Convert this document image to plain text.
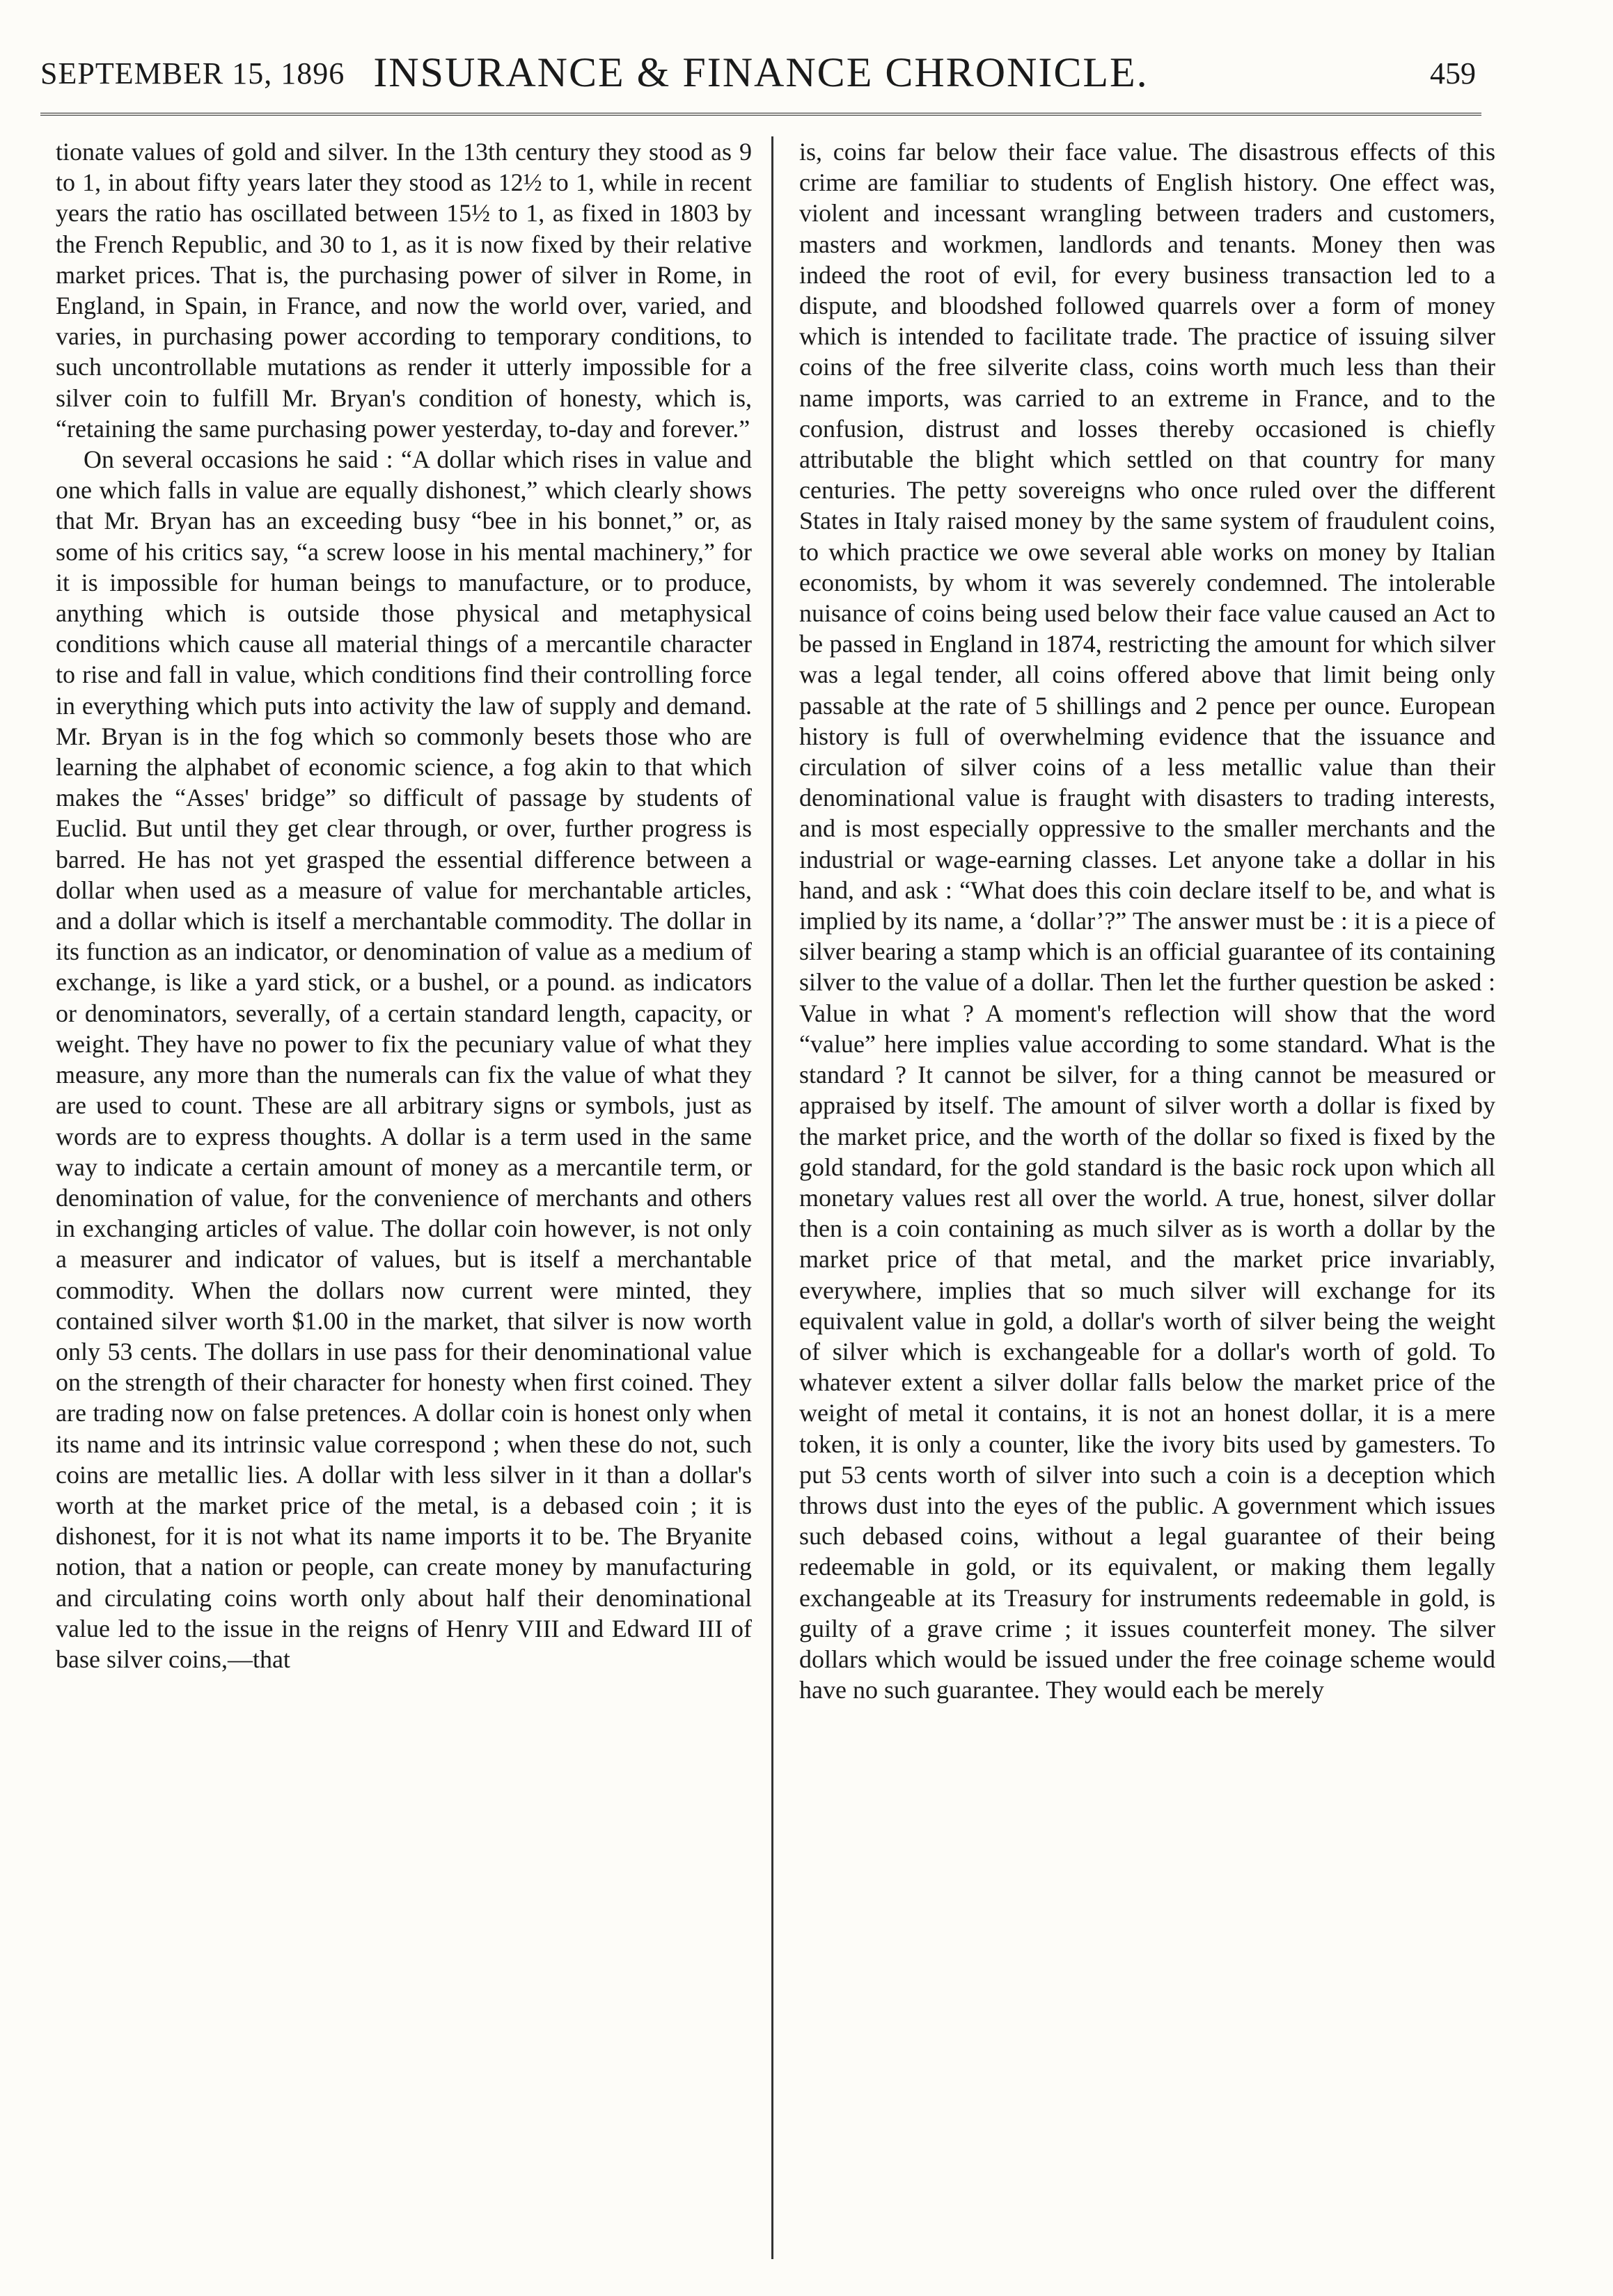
SEPTEMBER 15, 1896 INSURANCE & FINANCE CHRONICLE.	459

tionate values of gold and silver. In the 13th century they stood as 9 to 1, in about fifty years later they stood as 12½ to 1, while in recent years the ratio has oscillated between 15½ to 1, as fixed in 1803 by the French Republic, and 30 to 1, as it is now fixed by their relative market prices. That is, the purchasing power of silver in Rome, in England, in Spain, in France, and now the world over, varied, and varies, in purchasing power according to temporary conditions, to such uncontrollable mutations as render it utterly impossible for a silver coin to fulfill Mr. Bryan's condition of honesty, which is, “retaining the same purchasing power yesterday, to-day and forever.”

On several occasions he said : “A dollar which rises in value and one which falls in value are equally dishonest,” which clearly shows that Mr. Bryan has an exceeding busy “bee in his bonnet,” or, as some of his critics say, “a screw loose in his mental machinery,” for it is impossible for human beings to manufacture, or to produce, anything which is outside those physical and metaphysical conditions which cause all material things of a mercantile character to rise and fall in value, which conditions find their controlling force in everything which puts into activity the law of supply and demand. Mr. Bryan is in the fog which so commonly besets those who are learning the alphabet of economic science, a fog akin to that which makes the “Asses' bridge” so difficult of passage by students of Euclid. But until they get clear through, or over, further progress is barred. He has not yet grasped the essential difference between a dollar when used as a measure of value for merchantable articles, and a dollar which is itself a merchantable commodity. The dollar in its function as an indicator, or denomination of value as a medium of exchange, is like a yard stick, or a bushel, or a pound. as indicators or denominators, severally, of a certain standard length, capacity, or weight. They have no power to fix the pecuniary value of what they measure, any more than the numerals can fix the value of what they are used to count. These are all arbitrary signs or symbols, just as words are to express thoughts. A dollar is a term used in the same way to indicate a certain amount of money as a mercantile term, or denomination of value, for the convenience of merchants and others in exchanging articles of value. The dollar coin however, is not only a measurer and indicator of values, but is itself a merchantable commodity. When the dollars now current were minted, they contained silver worth $1.00 in the market, that silver is now worth only 53 cents. The dollars in use pass for their denominational value on the strength of their character for honesty when first coined. They are trading now on false pretences. A dollar coin is honest only when its name and its intrinsic value correspond ; when these do not, such coins are metallic lies. A dollar with less silver in it than a dollar's worth at the market price of the metal, is a debased coin ; it is dishonest, for it is not what its name imports it to be. The Bryanite notion, that a nation or people, can create money by manufacturing and circulating coins worth only about half their denominational value led to the issue in the reigns of Henry VIII and Edward III of base silver coins,—that

is, coins far below their face value. The disastrous effects of this crime are familiar to students of English history. One effect was, violent and incessant wrangling between traders and customers, masters and workmen, landlords and tenants. Money then was indeed the root of evil, for every business transaction led to a dispute, and bloodshed followed quarrels over a form of money which is intended to facilitate trade. The practice of issuing silver coins of the free silverite class, coins worth much less than their name imports, was carried to an extreme in France, and to the confusion, distrust and losses thereby occasioned is chiefly attributable the blight which settled on that country for many centuries. The petty sovereigns who once ruled over the different States in Italy raised money by the same system of fraudulent coins, to which practice we owe several able works on money by Italian economists, by whom it was severely condemned. The intolerable nuisance of coins being used below their face value caused an Act to be passed in England in 1874, restricting the amount for which silver was a legal tender, all coins offered above that limit being only passable at the rate of 5 shillings and 2 pence per ounce. European history is full of overwhelming evidence that the issuance and circulation of silver coins of a less metallic value than their denominational value is fraught with disasters to trading interests, and is most especially oppressive to the smaller merchants and the industrial or wage-earning classes. Let anyone take a dollar in his hand, and ask : “What does this coin declare itself to be, and what is implied by its name, a ‘dollar’?” The answer must be : it is a piece of silver bearing a stamp which is an official guarantee of its containing silver to the value of a dollar. Then let the further question be asked : Value in what ? A moment's reflection will show that the word “value” here implies value according to some standard. What is the standard ? It cannot be silver, for a thing cannot be measured or appraised by itself. The amount of silver worth a dollar is fixed by the market price, and the worth of the dollar so fixed is fixed by the gold standard, for the gold standard is the basic rock upon which all monetary values rest all over the world. A true, honest, silver dollar then is a coin containing as much silver as is worth a dollar by the market price of that metal, and the market price invariably, everywhere, implies that so much silver will exchange for its equivalent value in gold, a dollar's worth of silver being the weight of silver which is exchangeable for a dollar's worth of gold. To whatever extent a silver dollar falls below the market price of the weight of metal it contains, it is not an honest dollar, it is a mere token, it is only a counter, like the ivory bits used by gamesters. To put 53 cents worth of silver into such a coin is a deception which throws dust into the eyes of the public. A government which issues such debased coins, without a legal guarantee of their being redeemable in gold, or its equivalent, or making them legally exchangeable at its Treasury for instruments redeemable in gold, is guilty of a grave crime ; it issues counterfeit money. The silver dollars which would be issued under the free coinage scheme would have no such guarantee. They would each be merely
